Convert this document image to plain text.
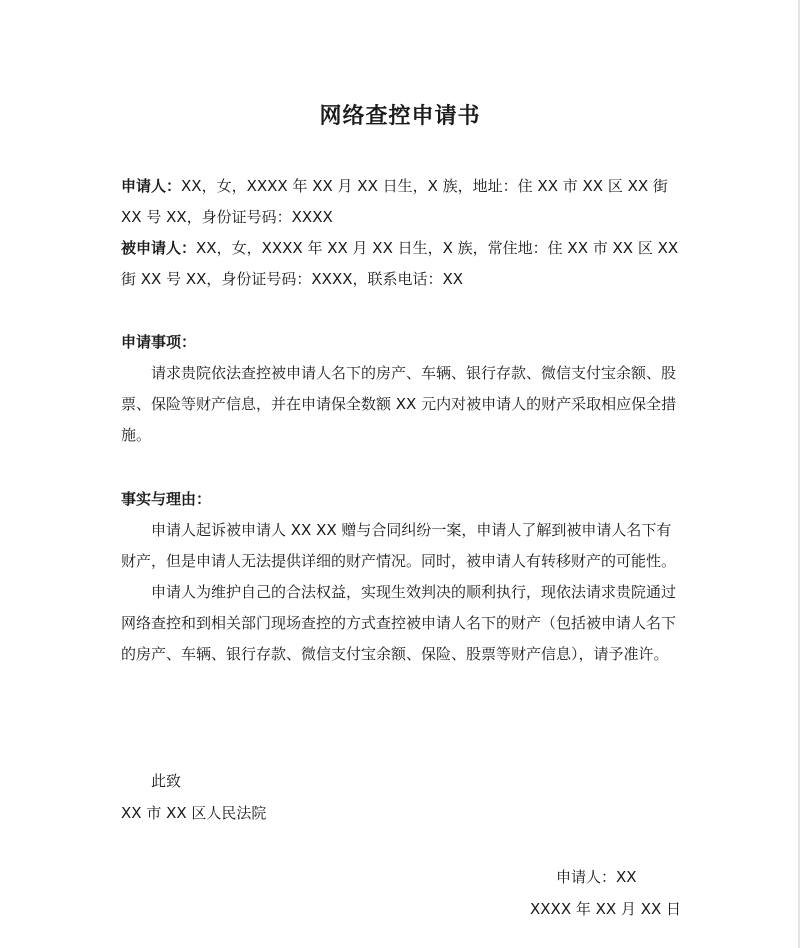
网络查控申请书

申请人：XX，女，XXXX 年 XX 月 XX 日生，X 族，地址：住 XX 市 XX 区 XX 街 XX 号 XX，身份证号码：XXXX

被申请人：XX，女，XXXX 年 XX 月 XX 日生，X 族，常住地：住 XX 市 XX 区 XX 街 XX 号 XX，身份证号码：XXXX，联系电话：XX

申请事项：

请求贵院依法查控被申请人名下的房产、车辆、银行存款、微信支付宝余额、股票、保险等财产信息，并在申请保全数额 XX 元内对被申请人的财产采取相应保全措施。

事实与理由：

申请人起诉被申请人 XX XX 赠与合同纠纷一案，申请人了解到被申请人名下有财产，但是申请人无法提供详细的财产情况。同时，被申请人有转移财产的可能性。

申请人为维护自己的合法权益，实现生效判决的顺利执行，现依法请求贵院通过网络查控和到相关部门现场查控的方式查控被申请人名下的财产（包括被申请人名下的房产、车辆、银行存款、微信支付宝余额、保险、股票等财产信息），请予准许。

此致
XX 市 XX 区人民法院
申请人：XX
XXXX 年 XX 月 XX 日
